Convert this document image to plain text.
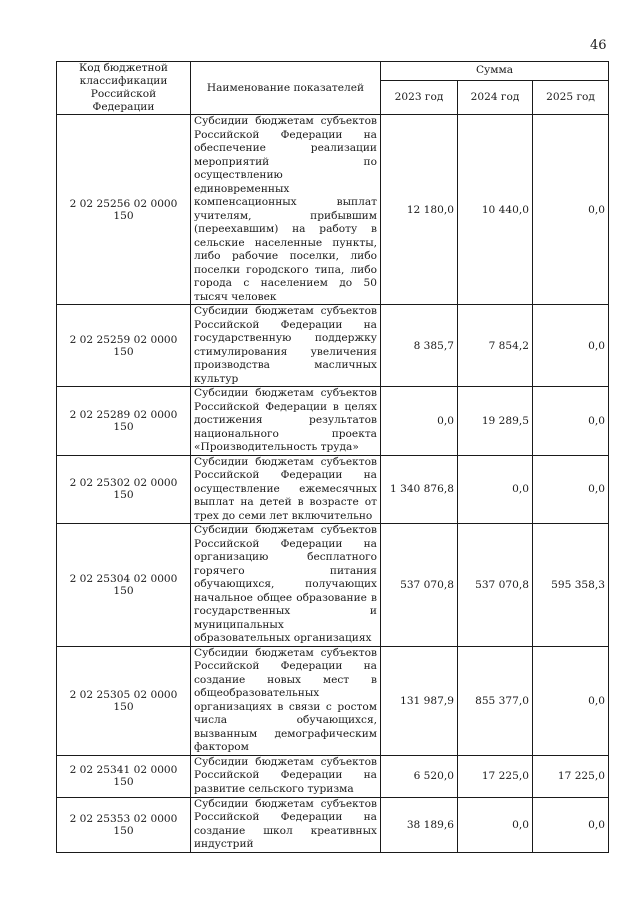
46
Код бюджетной классификации Российской Федерации	Наименование показателей	Сумма		
		2023 год	2024 год	2025 год
2 02 25256 02 0000 150	Субсидии бюджетам субъектов Российской Федерации на обеспечение реализации мероприятий по осуществлению единовременных компенсационных выплат учителям, прибывшим (переехавшим) на работу в сельские населенные пункты, либо рабочие поселки, либо поселки городского типа, либо города с населением до 50 тысяч человек	12 180,0	10 440,0	0,0
2 02 25259 02 0000 150	Субсидии бюджетам субъектов Российской Федерации на государственную поддержку стимулирования увеличения производства масличных культур	8 385,7	7 854,2	0,0
2 02 25289 02 0000 150	Субсидии бюджетам субъектов Российской Федерации в целях достижения результатов национального проекта «Производительность труда»	0,0	19 289,5	0,0
2 02 25302 02 0000 150	Субсидии бюджетам субъектов Российской Федерации на осуществление ежемесячных выплат на детей в возрасте от трех до семи лет включительно	1 340 876,8	0,0	0,0
2 02 25304 02 0000 150	Субсидии бюджетам субъектов Российской Федерации на организацию бесплатного горячего питания обучающихся, получающих начальное общее образование в государственных и муниципальных образовательных организациях	537 070,8	537 070,8	595 358,3
2 02 25305 02 0000 150	Субсидии бюджетам субъектов Российской Федерации на создание новых мест в общеобразовательных организациях в связи с ростом числа обучающихся, вызванным демографическим фактором	131 987,9	855 377,0	0,0
2 02 25341 02 0000 150	Субсидии бюджетам субъектов Российской Федерации на развитие сельского туризма	6 520,0	17 225,0	17 225,0
2 02 25353 02 0000 150	Субсидии бюджетам субъектов Российской Федерации на создание школ креативных индустрий	38 189,6	0,0	0,0
